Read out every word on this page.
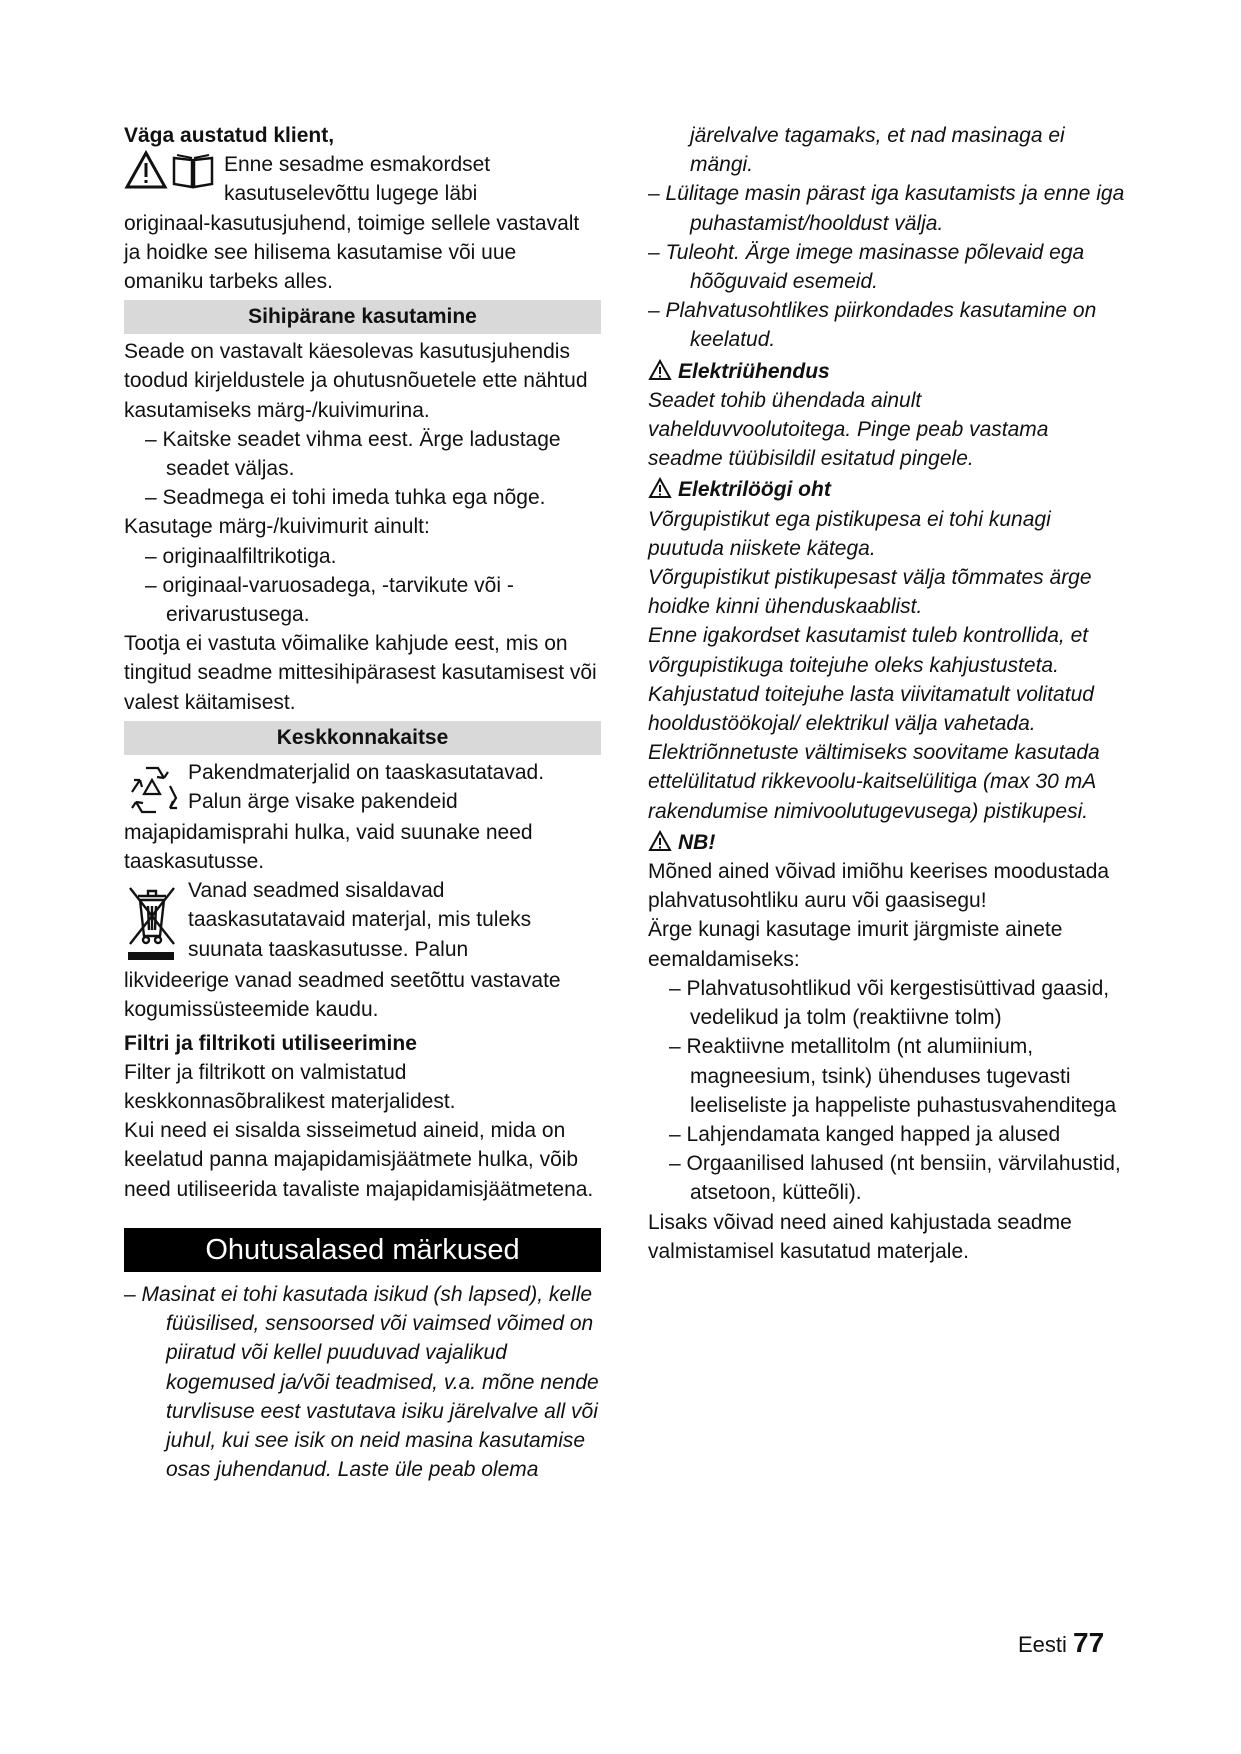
Väga austatud klient,

Enne sesadme esmakordset

kasutuselevõttu lugege läbi

originaal-kasutusjuhend, toimige sellele vastavalt ja hoidke see hilisema kasutamise või uue omaniku tarbeks alles.

Sihipärane kasutamine

Seade on vastavalt käesolevas kasutusjuhendis toodud kirjeldustele ja ohutusnõuetele ette nähtud kasutamiseks märg-/kuivimurina.

– Kaitske seadet vihma eest. Ärge ladustage seadet väljas.

– Seadmega ei tohi imeda tuhka ega nõge.

Kasutage märg-/kuivimurit ainult:

– originaalfiltrikotiga.

– originaal-varuosadega, -tarvikute või -erivarustusega.

Tootja ei vastuta võimalike kahjude eest, mis on tingitud seadme mittesihipärasest kasutamisest või valest käitamisest.

Keskkonnakaitse

Pakendmaterjalid on taaskasutatavad.

Palun ärge visake pakendeid

majapidamisprahi hulka, vaid suunake need taaskasutusse.

Vanad seadmed sisaldavad

taaskasutatavaid materjal, mis tuleks

suunata taaskasutusse. Palun

likvideerige vanad seadmed seetõttu vastavate kogumissüsteemide kaudu.

Filtri ja filtrikoti utiliseerimine

Filter ja filtrikott on valmistatud keskkonnasõbralikest materjalidest.

Kui need ei sisalda sisseimetud aineid, mida on keelatud panna majapidamisjäätmete hulka, võib need utiliseerida tavaliste majapidamisjäätmetena.

Ohutusalased märkused

– Masinat ei tohi kasutada isikud (sh lapsed), kelle füüsilised, sensoorsed või vaimsed võimed on piiratud või kellel puuduvad vajalikud kogemused ja/või teadmised, v.a. mõne nende turvlisuse eest vastutava isiku järelvalve all või juhul, kui see isik on neid masina kasutamise osas juhendanud. Laste üle peab olema

järelvalve tagamaks, et nad masinaga ei mängi.

– Lülitage masin pärast iga kasutamists ja enne iga puhastamist/hooldust välja.

– Tuleoht. Ärge imege masinasse põlevaid ega hõõguvaid esemeid.

– Plahvatusohtlikes piirkondades kasutamine on keelatud.

Elektriühendus

Seadet tohib ühendada ainult vahelduvvoolutoitega. Pinge peab vastama seadme tüübisildil esitatud pingele.

Elektrilöögi oht

Võrgupistikut ega pistikupesa ei tohi kunagi puutuda niiskete kätega.

Võrgupistikut pistikupesast välja tõmmates ärge hoidke kinni ühenduskaablist.

Enne igakordset kasutamist tuleb kontrollida, et võrgupistikuga toitejuhe oleks kahjustusteta. Kahjustatud toitejuhe lasta viivitamatult volitatud hooldustöökojal/ elektrikul välja vahetada.

Elektriõnnetuste vältimiseks soovitame kasutada ettelülitatud rikkevoolu-kaitselülitiga (max 30 mA rakendumise nimivoolutugevusega) pistikupesi.

NB!

Mõned ained võivad imiõhu keerises moodustada plahvatusohtliku auru või gaasisegu!

Ärge kunagi kasutage imurit järgmiste ainete eemaldamiseks:

– Plahvatusohtlikud või kergestisüttivad gaasid, vedelikud ja tolm (reaktiivne tolm)

– Reaktiivne metallitolm (nt alumiinium, magneesium, tsink) ühenduses tugevasti leeliseliste ja happeliste puhastusvahenditega

– Lahjendamata kanged happed ja alused

– Orgaanilised lahused (nt bensiin, värvilahustid, atsetoon, kütteõli).

Lisaks võivad need ained kahjustada seadme valmistamisel kasutatud materjale.

Eesti 77
